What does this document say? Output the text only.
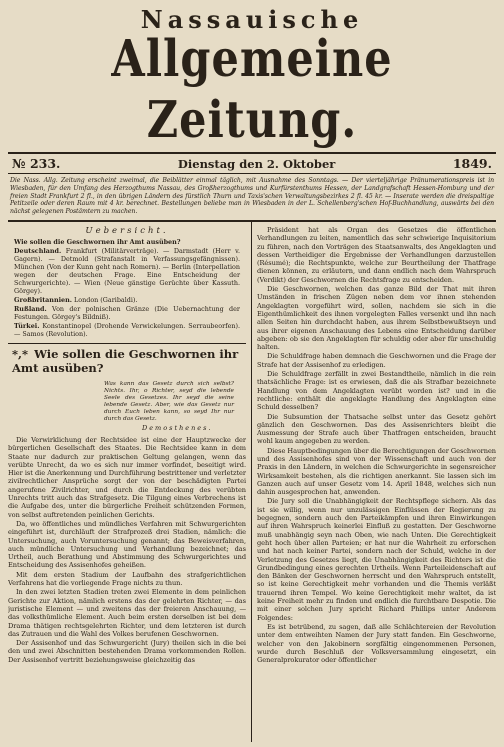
Nassauische
Allgemeine Zeitung.
№ 233.	Dienstag den 2. Oktober	1849.
Die Nass. Allg. Zeitung erscheint zweimal, die Beiblätter einmal täglich, mit Ausnahme des Sonntags. — Der vierteljährige Pränumerationspreis ist in Wiesbaden, für den Umfang des Herzogthums Nassau, des Großherzogthums und Kurfürstenthums Hessen, der Landgrafschaft Hessen-Homburg und der freien Stadt Frankfurt 2 fl., in den übrigen Ländern des fürstlich Thurn und Taxis'schen Verwaltungsbezirkes 2 fl. 45 kr. — Inserate werden die dreispaltige Petitzeile oder deren Raum mit 4 kr. berechnet. Bestellungen beliebe man in Wiesbaden in der L. Schellenberg'schen Hof-Buchhandlung, auswärts bei den nächst gelegenen Postämtern zu machen.
Uebersicht.
Wie sollen die Geschwornen ihr Amt ausüben?
Deutschland. Frankfurt (Militärverträge). — Darmstadt (Herr v. Gagern). — Detmold (Strafanstalt in Verfassungsgefängnissen). München (Von der Kunn geht nach Romern). — Berlin (Interpellation wegen der deutschen Frage. Eine Entscheidung der Schwurgerichte). — Wien (Neue gänstige Gerüchte über Kassuth. Görgey).
Großbritannien. London (Garibaldi).
Rußland. Von der polnischen Gränze (Die Uebernachtung der Festungen. Görgey's Bildniß).
Türkei. Konstantinopel (Drohende Verwickelungen. Serraubeorfen). — Samos (Revolution).
*,* Wie sollen die Geschwornen ihr Amt ausüben?
Was kann das Gesetz durch sich selbst? Nichts. Ihr, o Richter, seyd die lebende Seele des Gesetzes. Ihr seyd die seine lebende Gesetz. Aber, wie das Gesetz nur durch Euch leben kann, so seyd Ihr nur durch das Gesetz.
Demosthenes.

Die Verwirklichung der Rechtsidee ist eine der Hauptzwecke der bürgerlichen Gesellschaft des Staates. Die Rechtsidee kann in dem Staate nur dadurch zur praktischen Geltung gelangen, wenn das verübte Unrecht, da wo es sich nur immer vorfindet, beseitigt wird. Hier ist die Anerkennung und Durchführung bestrittener und verletzter zivilrechtlicher Ansprüche sorgt der von der beschädigten Partei angerufene Zivilrichter, und durch die Entdeckung des verübten Unrechts tritt auch das Strafgesetz. Die Tilgung eines Verbrechens ist die Aufgabe des, unter die bürgerliche Freiheit schützenden Formen, von selbst auftretenden peinlichen Gerichts.

Da, wo öffentliches und mündliches Verfahren mit Schwurgerichten eingeführt ist, durchläuft der Strafprozeß drei Stadien, nämlich: die Untersuchung, auch Voruntersuchung genannt; das Beweisverfahren, auch mündliche Untersuchung und Verhandlung bezeichnet; das Urtheil, auch Berathung und Abstimmung des Schwurgerichtes und Entscheidung des Assisenhofes geheißen.

Mit dem ersten Stadium der Laufbahn des strafgerichtlichen Verfahrens hat die vorliegende Frage nichts zu thun.

In den zwei letzten Stadien treten zwei Elemente in dem peinlichen Gerichte zur Aktion, nämlich erstens das der gelehrten Richter, — das juristische Element — und zweitens das der freieren Anschauung, — das volksthümliche Element. Auch beim ersten derselben ist bei dem Drama thätigen rechtsgelehrten Richter, und dem letzteren ist durch das Zutrauen und die Wahl des Volkes berufenen Geschwornen.

Der Assisenhof und das Schwurgericht (Jury) theilen sich in die bei den und zwei Abschnitten bestehenden Drama vorkommenden Rollen. Der Assisenhof vertritt beziehungsweise gleichzeitig das

Präsident hat als Organ des Gesetzes die öffentlichen Verhandlungen zu leiten, namentlich das sehr schwierige Inquisitorium zu führen, nach den Vorträgen des Staatsanwalts, des Angeklagten und dessen Vertheidiger die Ergebnisse der Verhandlungen darzustellen (Résumé); die Rechtspunkte, welche zur Beurtheilung der Thatfrage dienen können, zu erläutern, und dann endlich nach dem Wahrspruch (Verdikt) der Geschwornen die Rechtsfrage zu entscheiden.

Die Geschwornen, welchen das ganze Bild der That mit ihren Umständen in frischen Zügen neben dem vor ihnen stehenden Angeklagten vorgeführt wird, sollen, nachdem sie sich in die Eigenthümlichkeit des ihnen vorgelegten Falles versenkt und ihn nach allen Seiten hin durchdacht haben, aus ihrem Selbstbewußtseyn und aus ihrer eigenen Anschauung des Lebens eine Entscheidung darüber abgeben: ob sie den Angeklagten für schuldig oder aber für unschuldig halten.

Die Schuldfrage haben demnach die Geschwornen und die Frage der Strafe hat der Assisenhof zu erledigen.

Die Schuldfrage zerfällt in zwei Bestandtheile, nämlich in die rein thatsächliche Frage: ist es erwiesen, daß die als Strafbar bezeichnete Handlung von dem Angeklagten verübt worden ist? und in die rechtliche: enthält die angeklagte Handlung des Angeklagten eine Schuld desselben?

Die Subsumtion der Thatsache selbst unter das Gesetz gehört gänzlich den Geschwornen. Das des Assisenrichters bleibt die Ausmessung der Strafe auch über Thatfragen entscheiden, braucht wohl kaum angegeben zu werden.

Diese Hauptbedingungen über die Berechtigungen der Geschwornen und des Assisenhofes sind von der Wissenschaft und auch von der Praxis in den Ländern, in welchen die Schwurgerichte in segensreicher Wirksamkeit bestehen, als die richtigen anerkannt. Sie lassen sich im Ganzen auch auf unser Gesetz vom 14. April 1848, welches sich nun dahin ausgesprochen hat, anwenden.

Die Jury soll die Unabhängigkeit der Rechtspflege sichern. Als das ist sie willig, wenn nur unzulässigen Einflüssen der Regierung zu begegnen, sondern auch den Parteikämpfen und ihren Einwirkungen auf ihren Wahrspruch keinerlei Einfluß zu gestatten. Der Geschworne muß unabhängig seyn nach Oben, wie nach Unten. Die Gerechtigkeit geht hoch über allen Parteien; er hat nur die Wahrheit zu erforschen und hat nach keiner Partei, sondern nach der Schuld, welche in der Verletzung des Gesetzes liegt, die Unabhängigkeit des Richters ist die Grundbedingung eines gerechten Urtheils. Wenn Parteileidenschaft auf den Bänken der Geschwornen herrscht und den Wahrspruch entstellt, so ist keine Gerechtigkeit mehr vorhanden und die Themis verläßt trauernd ihren Tempel. Wo keine Gerechtigkeit mehr waltet, da ist keine Freiheit mehr zu finden und endlich die furchtbare Despotie. Die mit einer solchen Jury spricht Richard Phillips unter Anderem Folgendes:

Es ist betrübend, zu sagen, daß alle Schlächtereien der Revolution unter dem entweihten Namen der Jury statt fanden. Ein Geschworne, welcher von den Jakobinern sorgfältig eingenommenen Personen, wurde durch Beschluß der Volksversammlung eingesetzt, ein Generalprokurator oder öffentlicher
